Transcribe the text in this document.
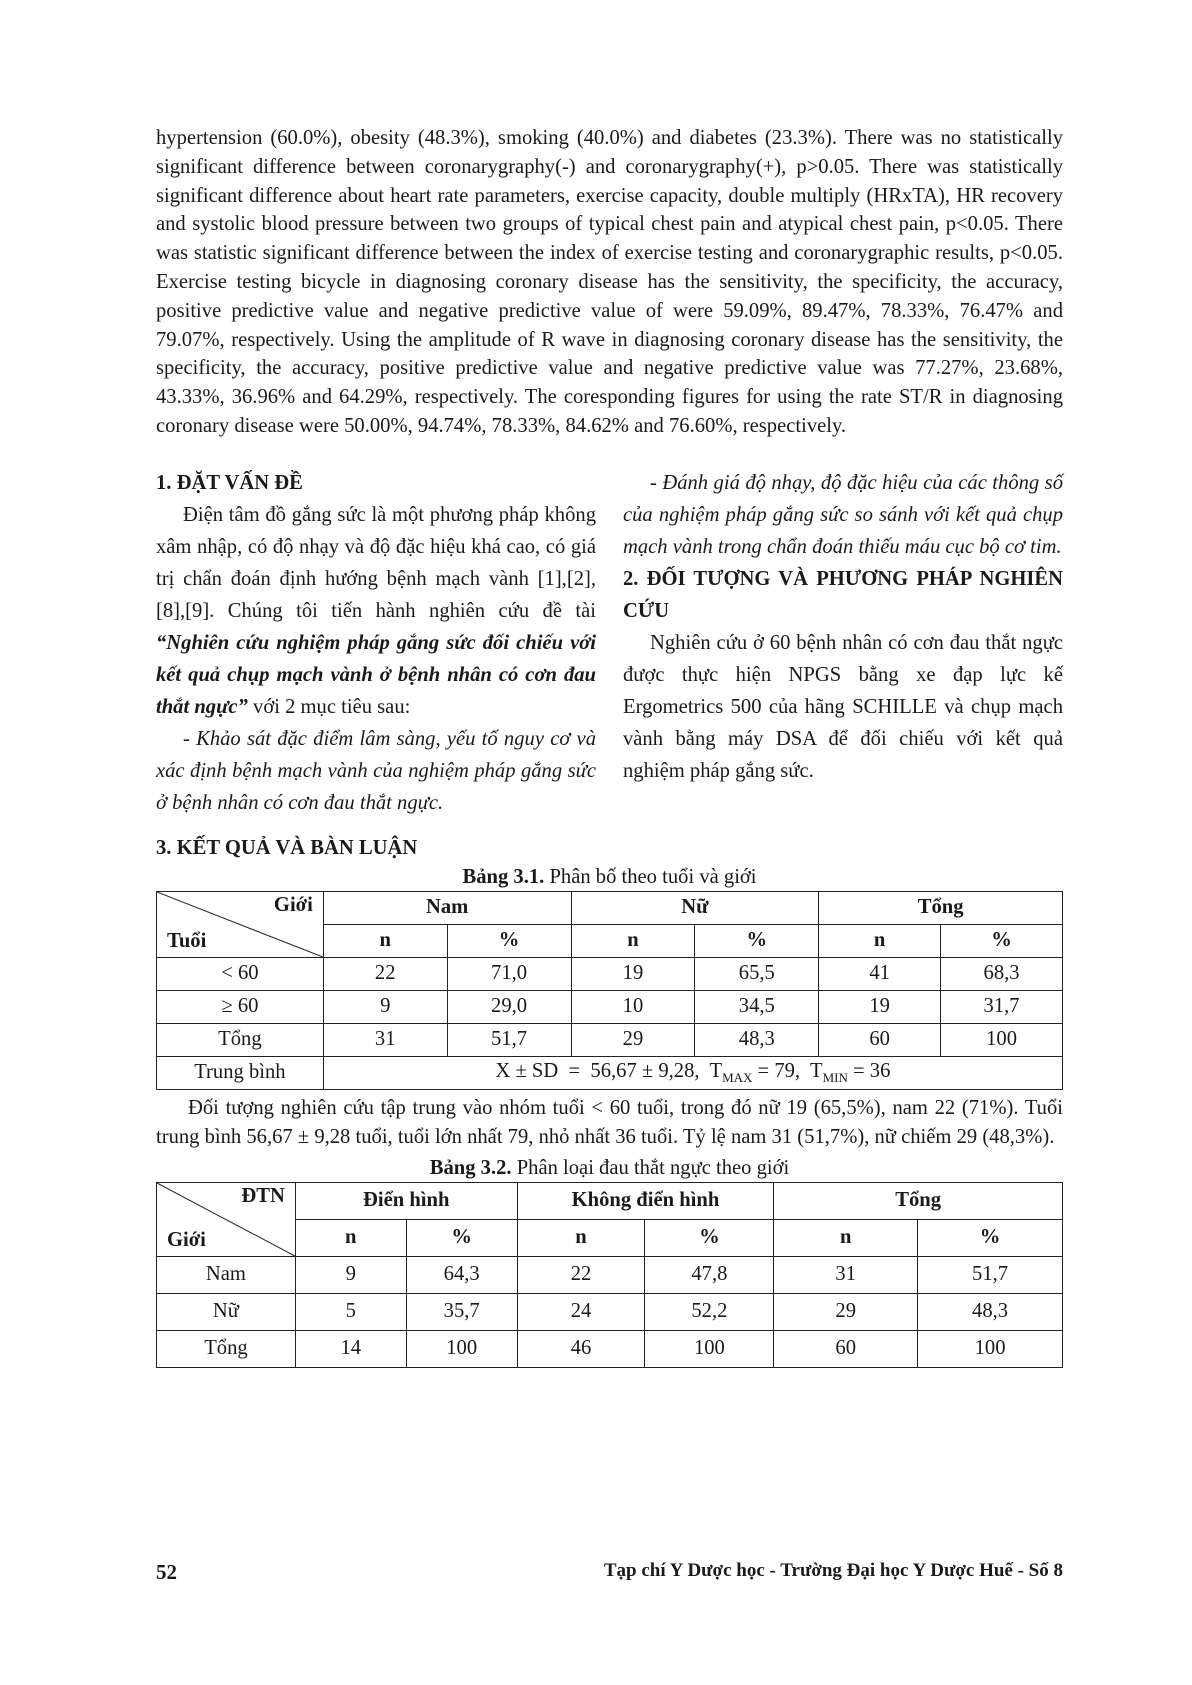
hypertension (60.0%), obesity (48.3%), smoking (40.0%) and diabetes (23.3%). There was no statistically significant difference between coronarygraphy(-) and coronarygraphy(+), p>0.05. There was statistically significant difference about heart rate parameters, exercise capacity, double multiply (HRxTA), HR recovery and systolic blood pressure between two groups of typical chest pain and atypical chest pain, p<0.05. There was statistic significant difference between the index of exercise testing and coronarygraphic results, p<0.05. Exercise testing bicycle in diagnosing coronary disease has the sensitivity, the specificity, the accuracy, positive predictive value and negative predictive value of were 59.09%, 89.47%, 78.33%, 76.47% and 79.07%, respectively. Using the amplitude of R wave in diagnosing coronary disease has the sensitivity, the specificity, the accuracy, positive predictive value and negative predictive value was 77.27%, 23.68%, 43.33%, 36.96% and 64.29%, respectively. The coresponding figures for using the rate ST/R in diagnosing coronary disease were 50.00%, 94.74%, 78.33%, 84.62% and 76.60%, respectively.

1. ĐẶT VẤN ĐỀ

Điện tâm đồ gắng sức là một phương pháp không xâm nhập, có độ nhạy và độ đặc hiệu khá cao, có giá trị chẩn đoán định hướng bệnh mạch vành [1],[2],[8],[9]. Chúng tôi tiến hành nghiên cứu đề tài “Nghiên cứu nghiệm pháp gắng sức đối chiếu với kết quả chụp mạch vành ở bệnh nhân có cơn đau thắt ngực” với 2 mục tiêu sau:

- Khảo sát đặc điểm lâm sàng, yếu tố nguy cơ và xác định bệnh mạch vành của nghiệm pháp gắng sức ở bệnh nhân có cơn đau thắt ngực.

- Đánh giá độ nhạy, độ đặc hiệu của các thông số của nghiệm pháp gắng sức so sánh với kết quả chụp mạch vành trong chẩn đoán thiếu máu cục bộ cơ tim.

2. ĐỐI TƯỢNG VÀ PHƯƠNG PHÁP NGHIÊN CỨU

Nghiên cứu ở 60 bệnh nhân có cơn đau thắt ngực được thực hiện NPGS bằng xe đạp lực kế Ergometrics 500 của hãng SCHILLE và chụp mạch vành bằng máy DSA để đối chiếu với kết quả nghiệm pháp gắng sức.

3. KẾT QUẢ VÀ BÀN LUẬN

Bảng 3.1. Phân bố theo tuổi và giới

Giới
Tuổi	Nam		Nữ		Tổng	
	n	%	n	%	n	%
< 60	22	71,0	19	65,5	41	68,3
≥ 60	9	29,0	10	34,5	19	31,7
Tổng	31	51,7	29	48,3	60	100
Trung bình	X ± SD  =  56,67 ± 9,28,  $T_{MAX} = 79$,  $T_{MIN} = 36$					

Đối tượng nghiên cứu tập trung vào nhóm tuổi < 60 tuổi, trong đó nữ 19 (65,5%), nam 22 (71%). Tuổi trung bình 56,67 ± 9,28 tuổi, tuổi lớn nhất 79, nhỏ nhất 36 tuổi. Tỷ lệ nam 31 (51,7%), nữ chiếm 29 (48,3%).

Bảng 3.2. Phân loại đau thắt ngực theo giới

ĐTN
Giới	Điển hình		Không điển hình		Tổng	
	n	%	n	%	n	%
Nam	9	64,3	22	47,8	31	51,7
Nữ	5	35,7	24	52,2	29	48,3
Tổng	14	100	46	100	60	100
52	Tạp chí Y Dược học - Trường Đại học Y Dược Huế - Số 8
